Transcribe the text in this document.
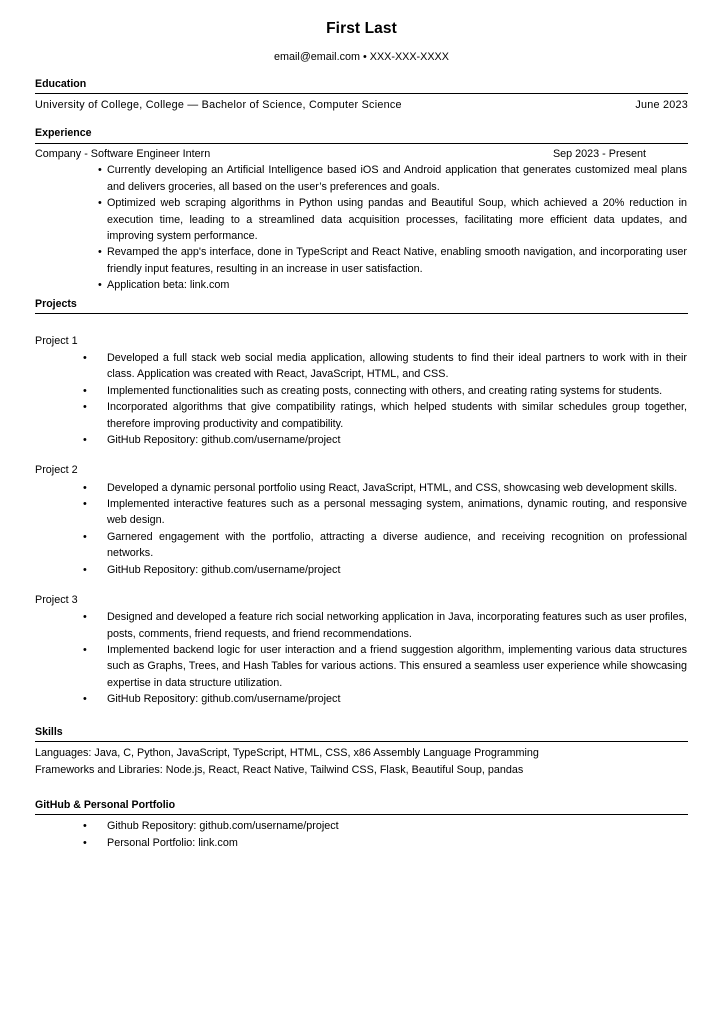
First Last
email@email.com • XXX-XXX-XXXX
Education
University of College, College — Bachelor of Science, Computer Science	June 2023
Experience
Company - Software Engineer Intern	Sep 2023 - Present
• Currently developing an Artificial Intelligence based iOS and Android application that generates customized meal plans and delivers groceries, all based on the user’s preferences and goals.
• Optimized web scraping algorithms in Python using pandas and Beautiful Soup, which achieved a 20% reduction in execution time, leading to a streamlined data acquisition processes, facilitating more efficient data updates, and improving system performance.
• Revamped the app's interface, done in TypeScript and React Native, enabling smooth navigation, and incorporating user friendly input features, resulting in an increase in user satisfaction.
• Application beta: link.com
Projects
Project 1
• Developed a full stack web social media application, allowing students to find their ideal partners to work with in their class. Application was created with React, JavaScript, HTML, and CSS.
• Implemented functionalities such as creating posts, connecting with others, and creating rating systems for students.
• Incorporated algorithms that give compatibility ratings, which helped students with similar schedules group together, therefore improving productivity and compatibility.
• GitHub Repository: github.com/username/project
Project 2
• Developed a dynamic personal portfolio using React, JavaScript, HTML, and CSS, showcasing web development skills.
• Implemented interactive features such as a personal messaging system, animations, dynamic routing, and responsive web design.
• Garnered engagement with the portfolio, attracting a diverse audience, and receiving recognition on professional networks.
• GitHub Repository: github.com/username/project
Project 3
• Designed and developed a feature rich social networking application in Java, incorporating features such as user profiles, posts, comments, friend requests, and friend recommendations.
• Implemented backend logic for user interaction and a friend suggestion algorithm, implementing various data structures such as Graphs, Trees, and Hash Tables for various actions. This ensured a seamless user experience while showcasing expertise in data structure utilization.
• GitHub Repository: github.com/username/project
Skills
Languages: Java, C, Python, JavaScript, TypeScript, HTML, CSS, x86 Assembly Language Programming
Frameworks and Libraries: Node.js, React, React Native, Tailwind CSS, Flask, Beautiful Soup, pandas
GitHub & Personal Portfolio
• Github Repository: github.com/username/project
• Personal Portfolio: link.com
